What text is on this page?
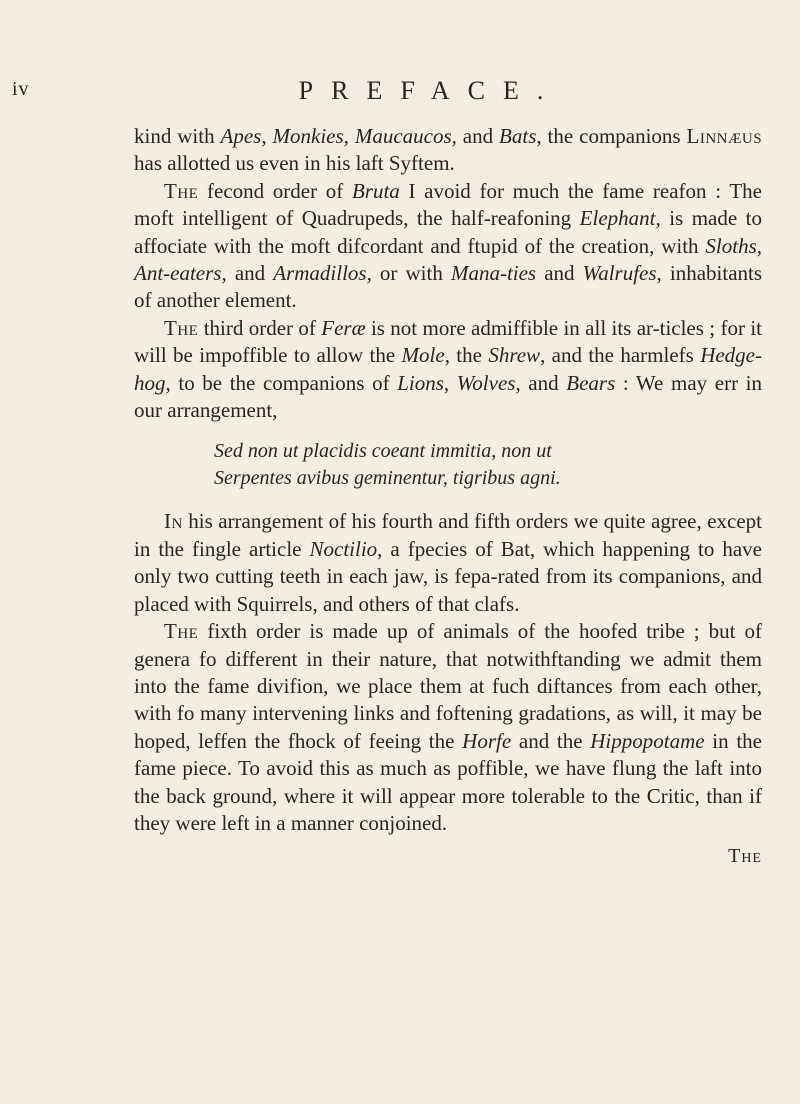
iv	PREFACE.

kind with Apes, Monkies, Maucaucos, and Bats, the companions Linnæus has allotted us even in his laft Syftem.

The fecond order of Bruta I avoid for much the fame reafon : The moft intelligent of Quadrupeds, the half-reafoning Elephant, is made to affociate with the moft difcordant and ftupid of the creation, with Sloths, Ant-eaters, and Armadillos, or with Mana-ties and Walrufes, inhabitants of another element.

The third order of Feræ is not more admiffible in all its ar-ticles ; for it will be impoffible to allow the Mole, the Shrew, and the harmlefs Hedge-hog, to be the companions of Lions, Wolves, and Bears : We may err in our arrangement,

Sed non ut placidis coeant immitia, non ut
Serpentes avibus geminentur, tigribus agni.

In his arrangement of his fourth and fifth orders we quite agree, except in the fingle article Noctilio, a fpecies of Bat, which happening to have only two cutting teeth in each jaw, is fepa-rated from its companions, and placed with Squirrels, and others of that clafs.

The fixth order is made up of animals of the hoofed tribe ; but of genera fo different in their nature, that notwithftanding we admit them into the fame divifion, we place them at fuch diftances from each other, with fo many intervening links and foftening gradations, as will, it may be hoped, leffen the fhock of feeing the Horfe and the Hippopotame in the fame piece. To avoid this as much as poffible, we have flung the laft into the back ground, where it will appear more tolerable to the Critic, than if they were left in a manner conjoined.

The
